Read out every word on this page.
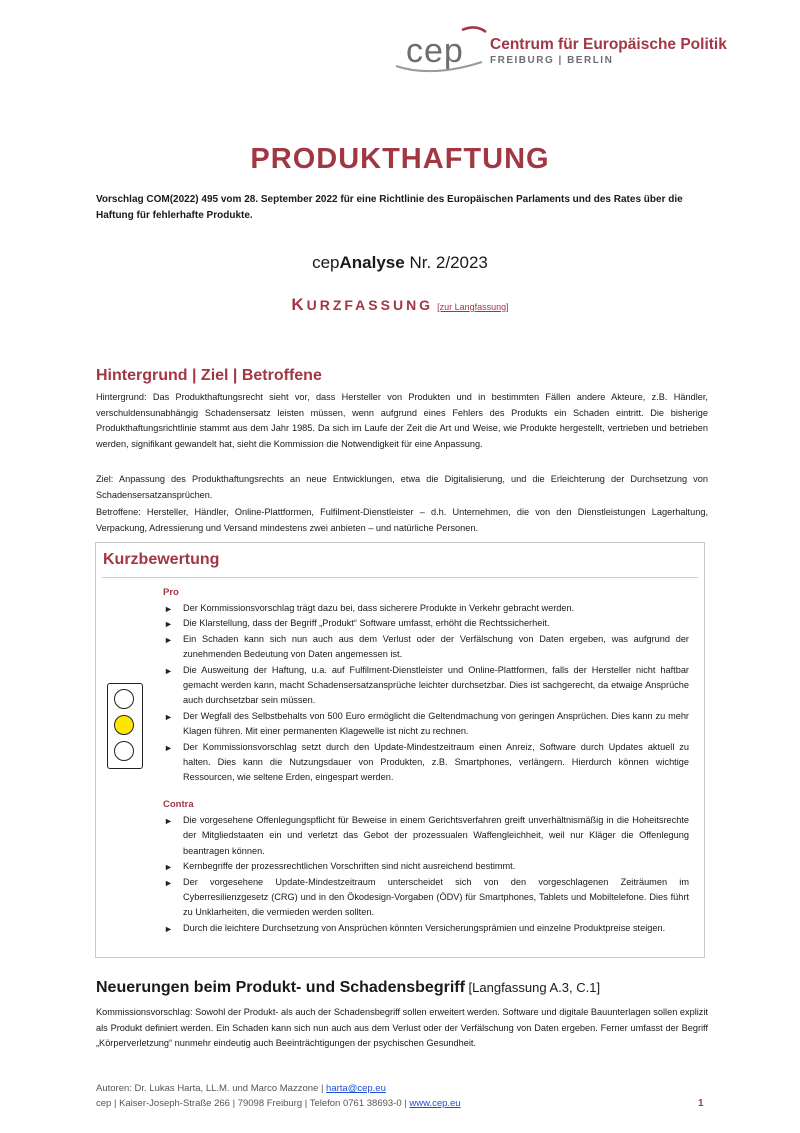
cep Centrum für Europäische Politik
FREIBURG | BERLIN
PRODUKTHAFTUNG
Vorschlag COM(2022) 495 vom 28. September 2022 für eine Richtlinie des Europäischen Parlaments und des Rates über die Haftung für fehlerhafte Produkte.
cepAnalyse Nr. 2/2023
KURZFASSUNG [zur Langfassung]
Hintergrund | Ziel | Betroffene
Hintergrund: Das Produkthaftungsrecht sieht vor, dass Hersteller von Produkten und in bestimmten Fällen andere Akteure, z.B. Händler, verschuldensunabhängig Schadensersatz leisten müssen, wenn aufgrund eines Fehlers des Produkts ein Schaden eintritt. Die bisherige Produkthaftungsrichtlinie stammt aus dem Jahr 1985. Da sich im Laufe der Zeit die Art und Weise, wie Produkte hergestellt, vertrieben und betrieben werden, signifikant gewandelt hat, sieht die Kommission die Notwendigkeit für eine Anpassung.
Ziel: Anpassung des Produkthaftungsrechts an neue Entwicklungen, etwa die Digitalisierung, und die Erleichterung der Durchsetzung von Schadensersatzansprüchen.
Betroffene: Hersteller, Händler, Online-Plattformen, Fulfilment-Dienstleister – d.h. Unternehmen, die von den Dienstleistungen Lagerhaltung, Verpackung, Adressierung und Versand mindestens zwei anbieten – und natürliche Personen.
Kurzbewertung
Pro
► Der Kommissionsvorschlag trägt dazu bei, dass sicherere Produkte in Verkehr gebracht werden.
► Die Klarstellung, dass der Begriff „Produkt“ Software umfasst, erhöht die Rechtssicherheit.
► Ein Schaden kann sich nun auch aus dem Verlust oder der Verfälschung von Daten ergeben, was aufgrund der zunehmenden Bedeutung von Daten angemessen ist.
► Die Ausweitung der Haftung, u.a. auf Fulfilment-Dienstleister und Online-Plattformen, falls der Hersteller nicht haftbar gemacht werden kann, macht Schadensersatzansprüche leichter durchsetzbar. Dies ist sachgerecht, da etwaige Ansprüche auch durchsetzbar sein müssen.
► Der Wegfall des Selbstbehalts von 500 Euro ermöglicht die Geltendmachung von geringen Ansprüchen. Dies kann zu mehr Klagen führen. Mit einer permanenten Klagewelle ist nicht zu rechnen.
► Der Kommissionsvorschlag setzt durch den Update-Mindestzeitraum einen Anreiz, Software durch Updates aktuell zu halten. Dies kann die Nutzungsdauer von Produkten, z.B. Smartphones, verlängern. Hierdurch können wichtige Ressourcen, wie seltene Erden, eingespart werden.
Contra
► Die vorgesehene Offenlegungspflicht für Beweise in einem Gerichtsverfahren greift unverhältnismäßig in die Hoheitsrechte der Mitgliedstaaten ein und verletzt das Gebot der prozessualen Waffengleichheit, weil nur Kläger die Offenlegung beantragen können.
► Kernbegriffe der prozessrechtlichen Vorschriften sind nicht ausreichend bestimmt.
► Der vorgesehene Update-Mindestzeitraum unterscheidet sich von den vorgeschlagenen Zeiträumen im Cyberresilienzgesetz (CRG) und in den Ökodesign-Vorgaben (ÖDV) für Smartphones, Tablets und Mobiltelefone. Dies führt zu Unklarheiten, die vermieden werden sollten.
► Durch die leichtere Durchsetzung von Ansprüchen könnten Versicherungsprämien und einzelne Produktpreise steigen.
Neuerungen beim Produkt- und Schadensbegriff [Langfassung A.3, C.1]
Kommissionsvorschlag: Sowohl der Produkt- als auch der Schadensbegriff sollen erweitert werden. Software und digitale Bauunterlagen sollen explizit als Produkt definiert werden. Ein Schaden kann sich nun auch aus dem Verlust oder der Verfälschung von Daten ergeben. Ferner umfasst der Begriff „Körperverletzung“ nunmehr eindeutig auch Beeinträchtigungen der psychischen Gesundheit.
Autoren: Dr. Lukas Harta, LL.M. und Marco Mazzone | harta@cep.eu
cep | Kaiser-Joseph-Straße 266 | 79098 Freiburg | Telefon 0761 38693-0 | www.cep.eu	1
